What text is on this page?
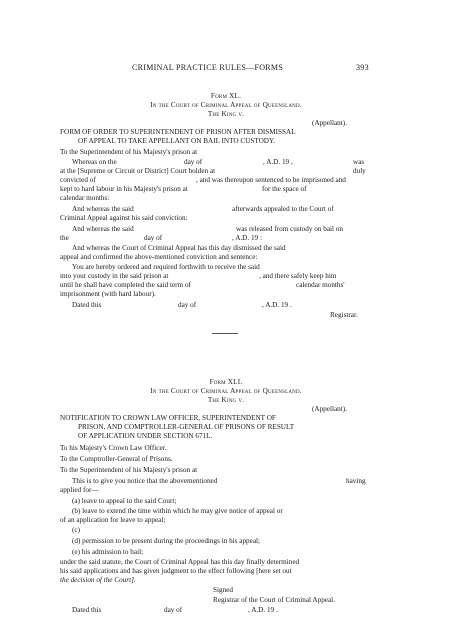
CRIMINAL PRACTICE RULES—FORMS	393
Form XL.
In the Court of Criminal Appeal of Queensland.
The King v.
(Appellant).
FORM OF ORDER TO SUPERINTENDENT OF PRISON AFTER DISMISSAL
OF APPEAL TO TAKE APPELLANT ON BAIL INTO CUSTODY.
To the Superintendent of his Majesty's prison at
Whereas on the	day of	, A.D. 19 ,	was
at the [Supreme or Circuit or District] Court holden at	duly
convicted of	, and was thereupon sentenced to be imprisoned and
kept to hard labour in his Majesty's prison at	for the space of
calendar months:
And whereas the said	afterwards appealed to the Court of
Criminal Appeal against his said conviction:
And whereas the said	was released from custody on bail on
the	day of	, A.D. 19 :
And whereas the Court of Criminal Appeal has this day dismissed the said
appeal and confirmed the above-mentioned conviction and sentence:
You are hereby ordered and required forthwith to receive the said
into your custody in the said prison at	, and there safely keep him
until he shall have completed the said term of	calendar months'
imprisonment (with hard labour).
Dated this	day of	, A.D. 19 .
Registrar.
Form XLI.
In the Court of Criminal Appeal of Queensland.
The King v.
(Appellant).
NOTIFICATION TO CROWN LAW OFFICER, SUPERINTENDENT OF
PRISON, AND COMPTROLLER-GENERAL OF PRISONS OF RESULT
OF APPLICATION UNDER SECTION 671L.
To his Majesty's Crown Law Officer.
To the Comptroller-General of Prisons.
To the Superintendent of his Majesty's prison at
This is to give you notice that the abovementioned	having
applied for—
(a) leave to appeal to the said Court;
(b) leave to extend the time within which he may give notice of appeal or
of an application for leave to appeal;
(c)
(d) permission to be present during the proceedings in his appeal;
(e) his admission to bail;
under the said statute, the Court of Criminal Appeal has this day finally determined
his said applications and has given judgment to the effect following [here set out
the decision of the Court].
Signed
Registrar of the Court of Criminal Appeal.
Dated this	day of	, A.D. 19 .
